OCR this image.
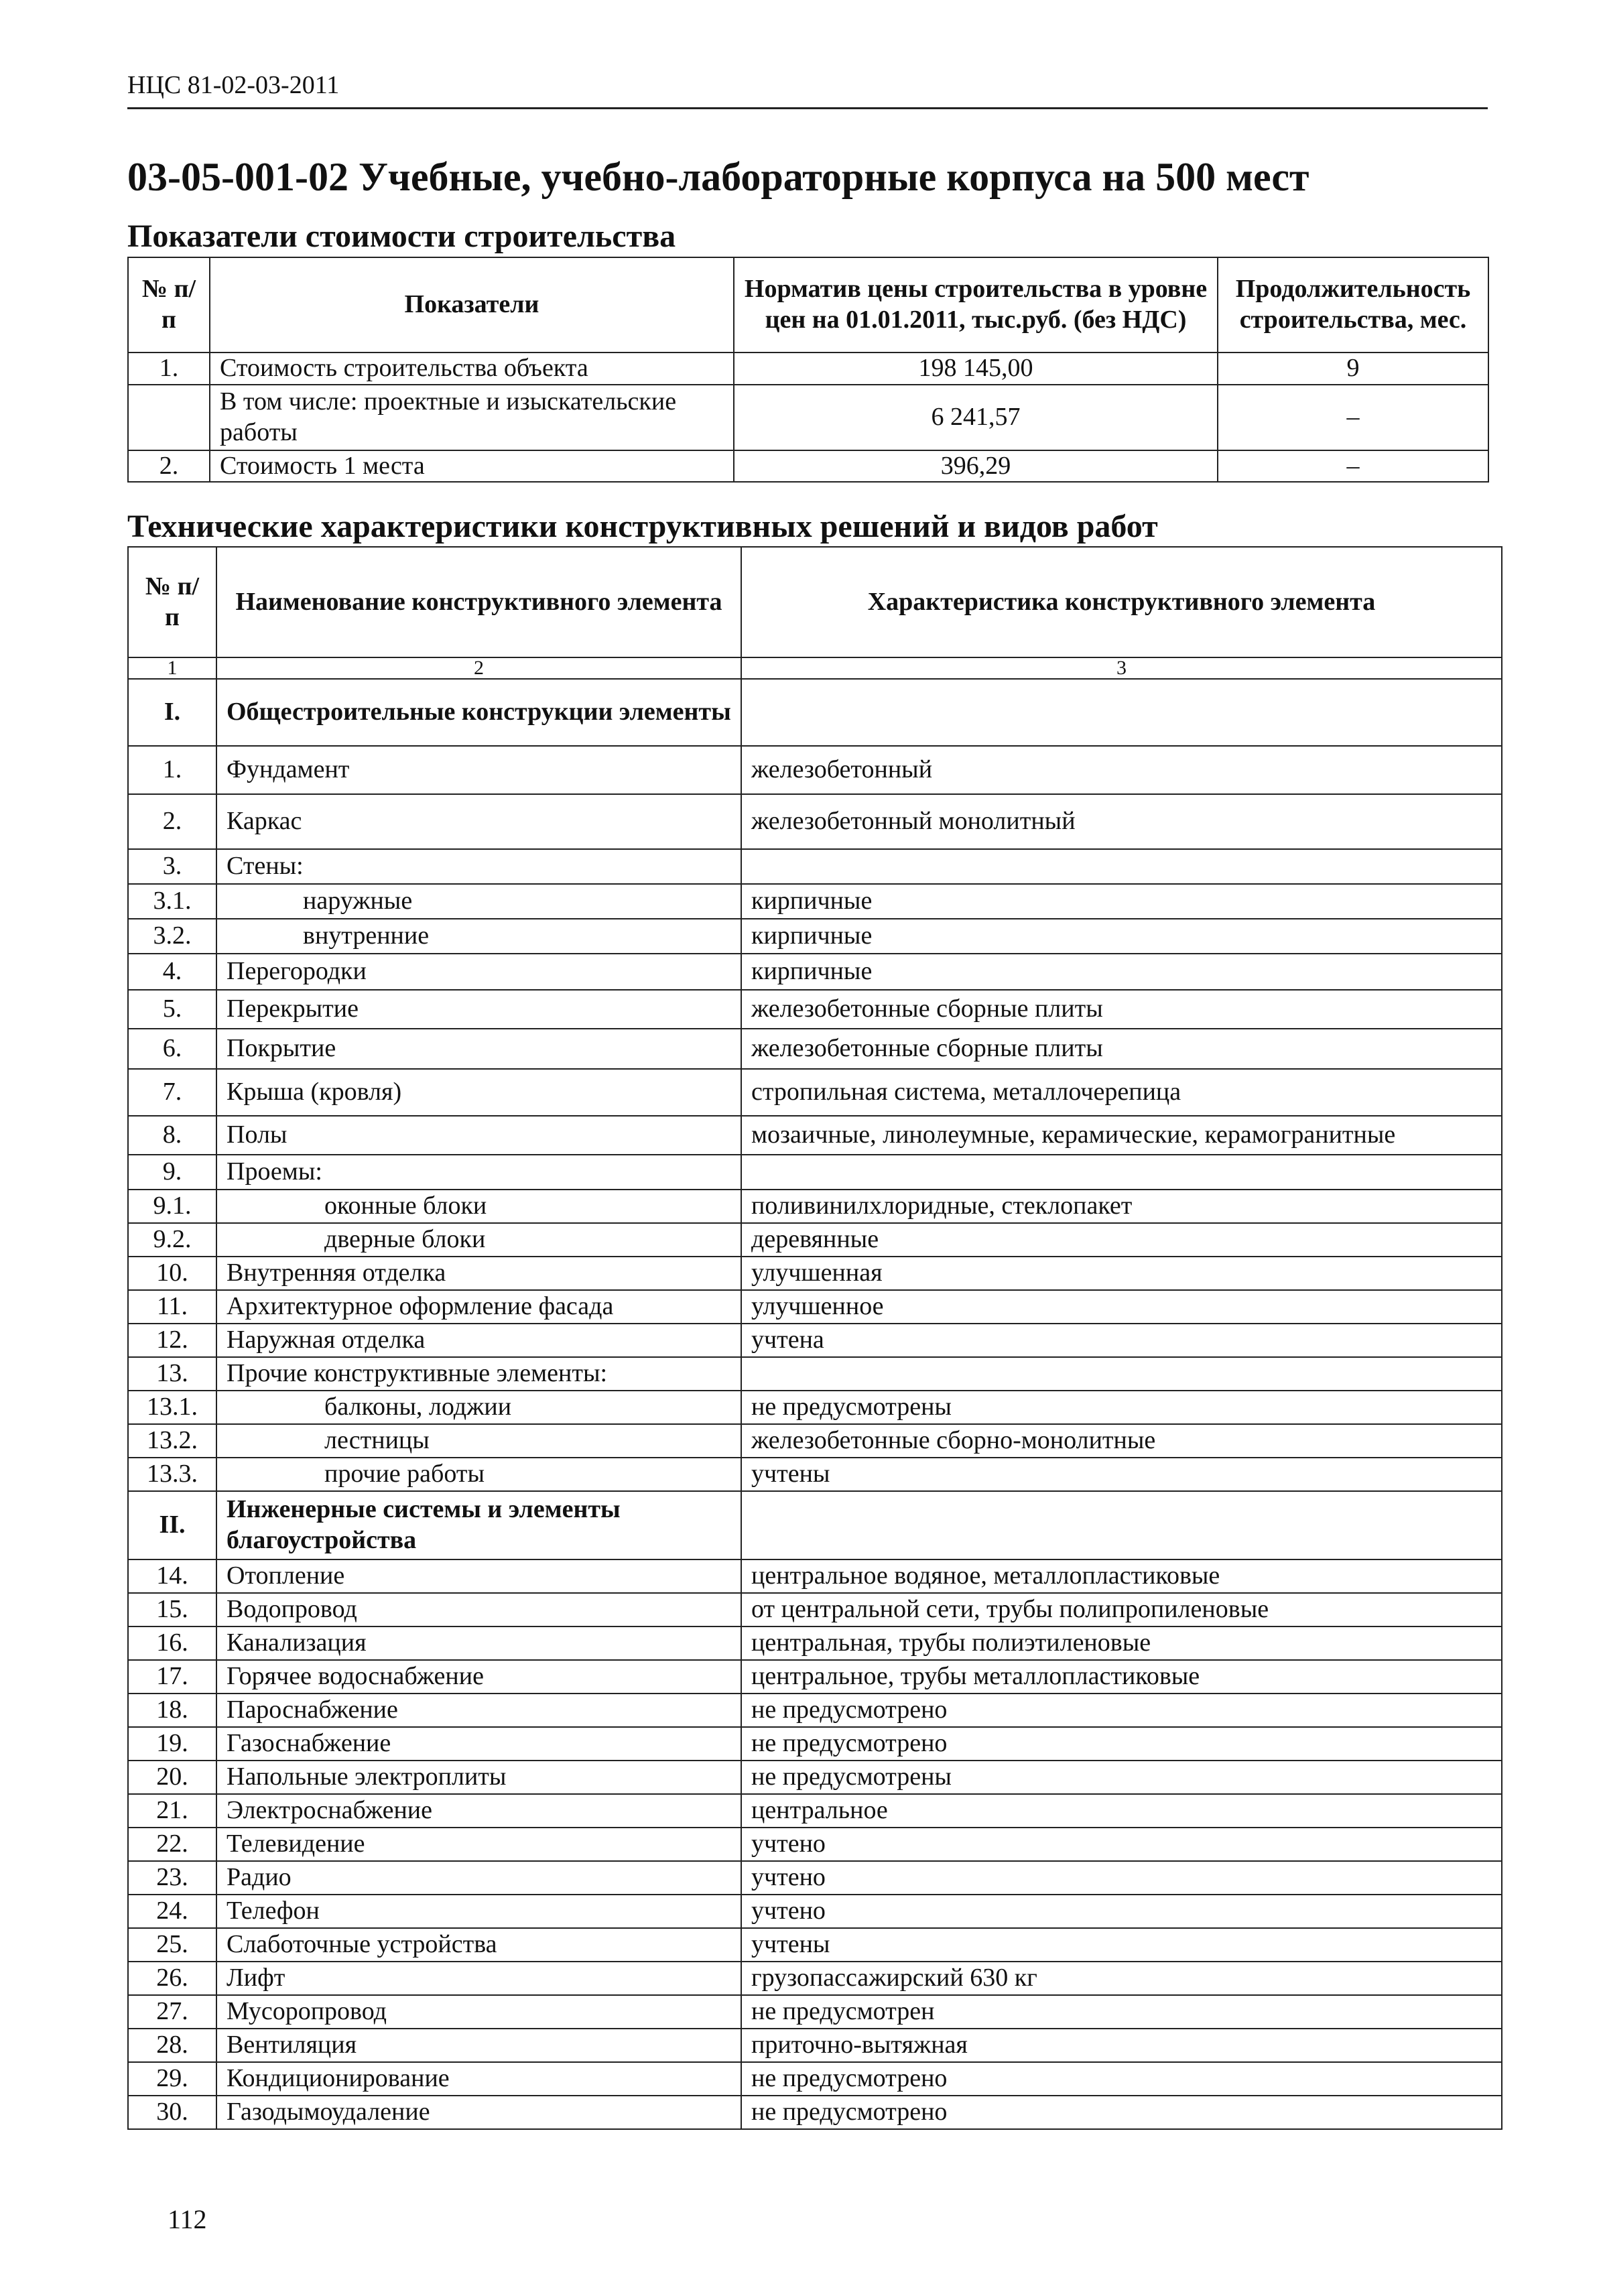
НЦС 81-02-03-2011
03-05-001-02 Учебные, учебно-лабораторные корпуса на 500 мест
Показатели стоимости строительства
№ п/п	Показатели	Норматив цены строительства в уровне цен на 01.01.2011, тыс.руб. (без НДС)	Продолжительность строительства, мес.
1.	Стоимость строительства объекта	198 145,00	9
	В том числе: проектные и изыскательские работы	6 241,57	–
2.	Стоимость 1 места	396,29	–
Технические характеристики конструктивных решений и видов работ
№ п/п	Наименование конструктивного элемента	Характеристика конструктивного элемента
1	2	3
I.	Общестроительные конструкции элементы	
1.	Фундамент	железобетонный
2.	Каркас	железобетонный монолитный
3.	Стены:	
3.1.	наружные	кирпичные
3.2.	внутренние	кирпичные
4.	Перегородки	кирпичные
5.	Перекрытие	железобетонные сборные плиты
6.	Покрытие	железобетонные сборные плиты
7.	Крыша (кровля)	стропильная система, металлочерепица
8.	Полы	мозаичные, линолеумные, керамические, керамогранитные
9.	Проемы:	
9.1.	оконные блоки	поливинилхлоридные, стеклопакет
9.2.	дверные блоки	деревянные
10.	Внутренняя отделка	улучшенная
11.	Архитектурное оформление фасада	улучшенное
12.	Наружная отделка	учтена
13.	Прочие конструктивные элементы:	
13.1.	балконы, лоджии	не предусмотрены
13.2.	лестницы	железобетонные сборно-монолитные
13.3.	прочие работы	учтены
II.	Инженерные системы и элементы благоустройства	
14.	Отопление	центральное водяное, металлопластиковые
15.	Водопровод	от центральной сети, трубы полипропиленовые
16.	Канализация	центральная, трубы полиэтиленовые
17.	Горячее водоснабжение	центральное, трубы металлопластиковые
18.	Пароснабжение	не предусмотрено
19.	Газоснабжение	не предусмотрено
20.	Напольные электроплиты	не предусмотрены
21.	Электроснабжение	центральное
22.	Телевидение	учтено
23.	Радио	учтено
24.	Телефон	учтено
25.	Слаботочные устройства	учтены
26.	Лифт	грузопассажирский 630 кг
27.	Мусоропровод	не предусмотрен
28.	Вентиляция	приточно-вытяжная
29.	Кондиционирование	не предусмотрено
30.	Газодымоудаление	не предусмотрено
112
